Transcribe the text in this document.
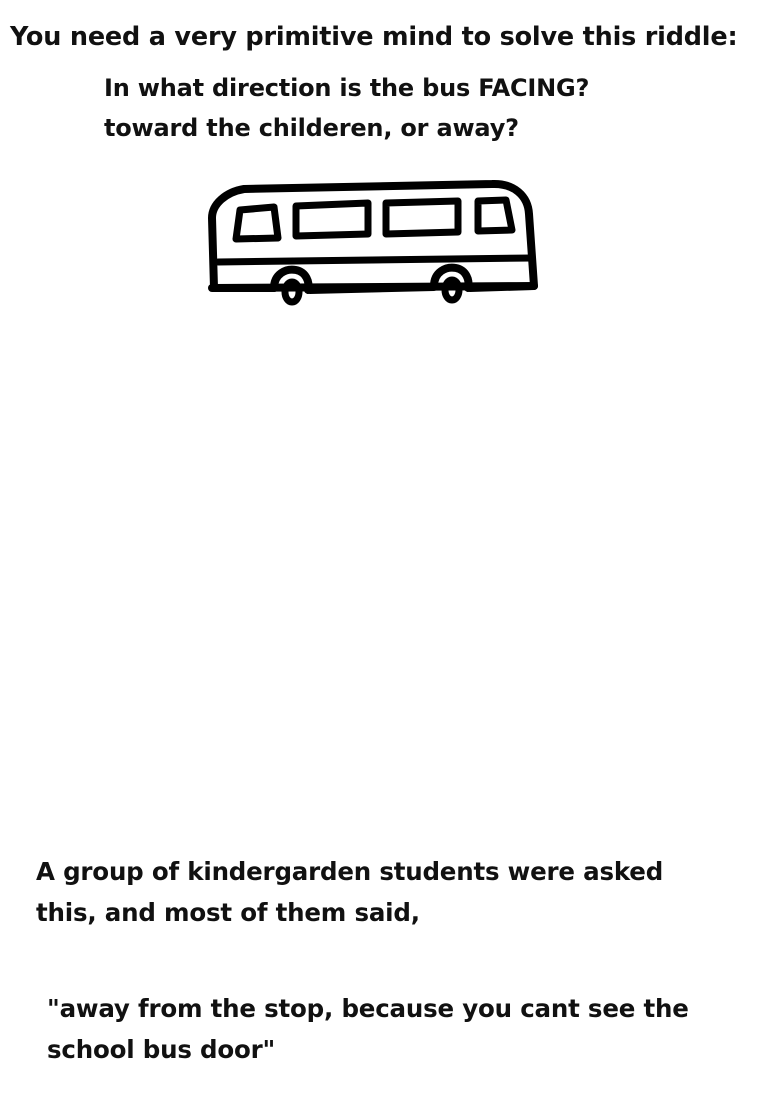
You need a very primitive mind to solve this riddle:
In what direction is the bus FACING?
toward the childeren, or away?
A group of kindergarden students were asked
this, and most of them said,
"away from the stop, because you cant see the
school bus door"
